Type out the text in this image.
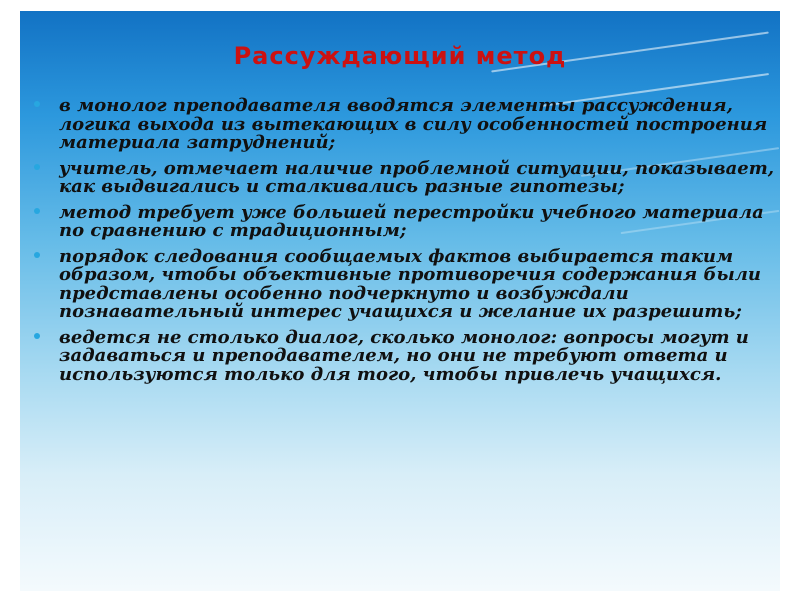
Рассуждающий метод
в монолог преподавателя вводятся элементы рассуждения, логика выхода из вытекающих в силу особенностей построения материала затруднений;
учитель, отмечает наличие проблемной ситуации, показывает, как выдвигались и сталкивались разные гипотезы;
метод требует уже большей перестройки учебного материала по сравнению с традиционным;
порядок следования сообщаемых фактов выбирается таким образом, чтобы объективные противоречия содержания были представлены особенно подчеркнуто и возбуждали познавательный интерес учащихся и желание их разрешить;
ведется не столько диалог, сколько монолог: вопросы могут и задаваться и преподавателем, но они не требуют ответа и используются только для того, чтобы привлечь учащихся.
